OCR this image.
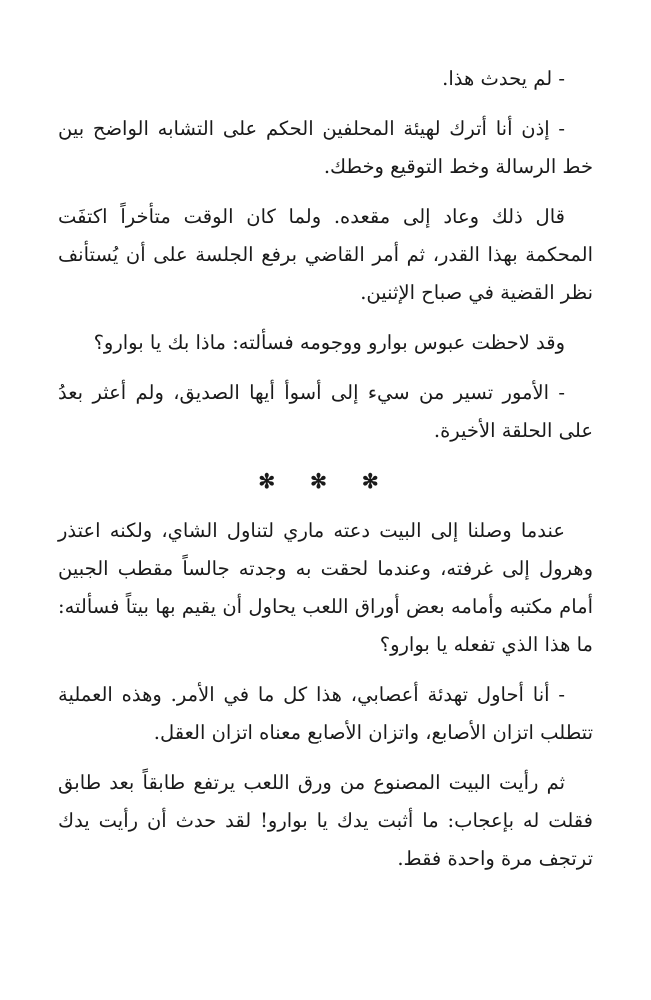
- لم يحدث هذا.

- إذن أنا أترك لهيئة المحلفين الحكم على التشابه الواضح بين خط الرسالة وخط التوقيع وخطك.

قال ذلك وعاد إلى مقعده. ولما كان الوقت متأخراً اكتفَت المحكمة بهذا القدر، ثم أمر القاضي برفع الجلسة على أن يُستأنف نظر القضية في صباح الإثنين.

وقد لاحظت عبوس بوارو ووجومه فسألته: ماذا بك يا بوارو؟

- الأمور تسير من سيء إلى أسوأ أيها الصديق، ولم أعثر بعدُ على الحلقة الأخيرة.

✻ ✻ ✻

عندما وصلنا إلى البيت دعته ماري لتناول الشاي، ولكنه اعتذر وهرول إلى غرفته، وعندما لحقت به وجدته جالساً مقطب الجبين أمام مكتبه وأمامه بعض أوراق اللعب يحاول أن يقيم بها بيتاً فسألته: ما هذا الذي تفعله يا بوارو؟

- أنا أحاول تهدئة أعصابي، هذا كل ما في الأمر. وهذه العملية تتطلب اتزان الأصابع، واتزان الأصابع معناه اتزان العقل.

ثم رأيت البيت المصنوع من ورق اللعب يرتفع طابقاً بعد طابق فقلت له بإعجاب: ما أثبت يدك يا بوارو! لقد حدث أن رأيت يدك ترتجف مرة واحدة فقط.
